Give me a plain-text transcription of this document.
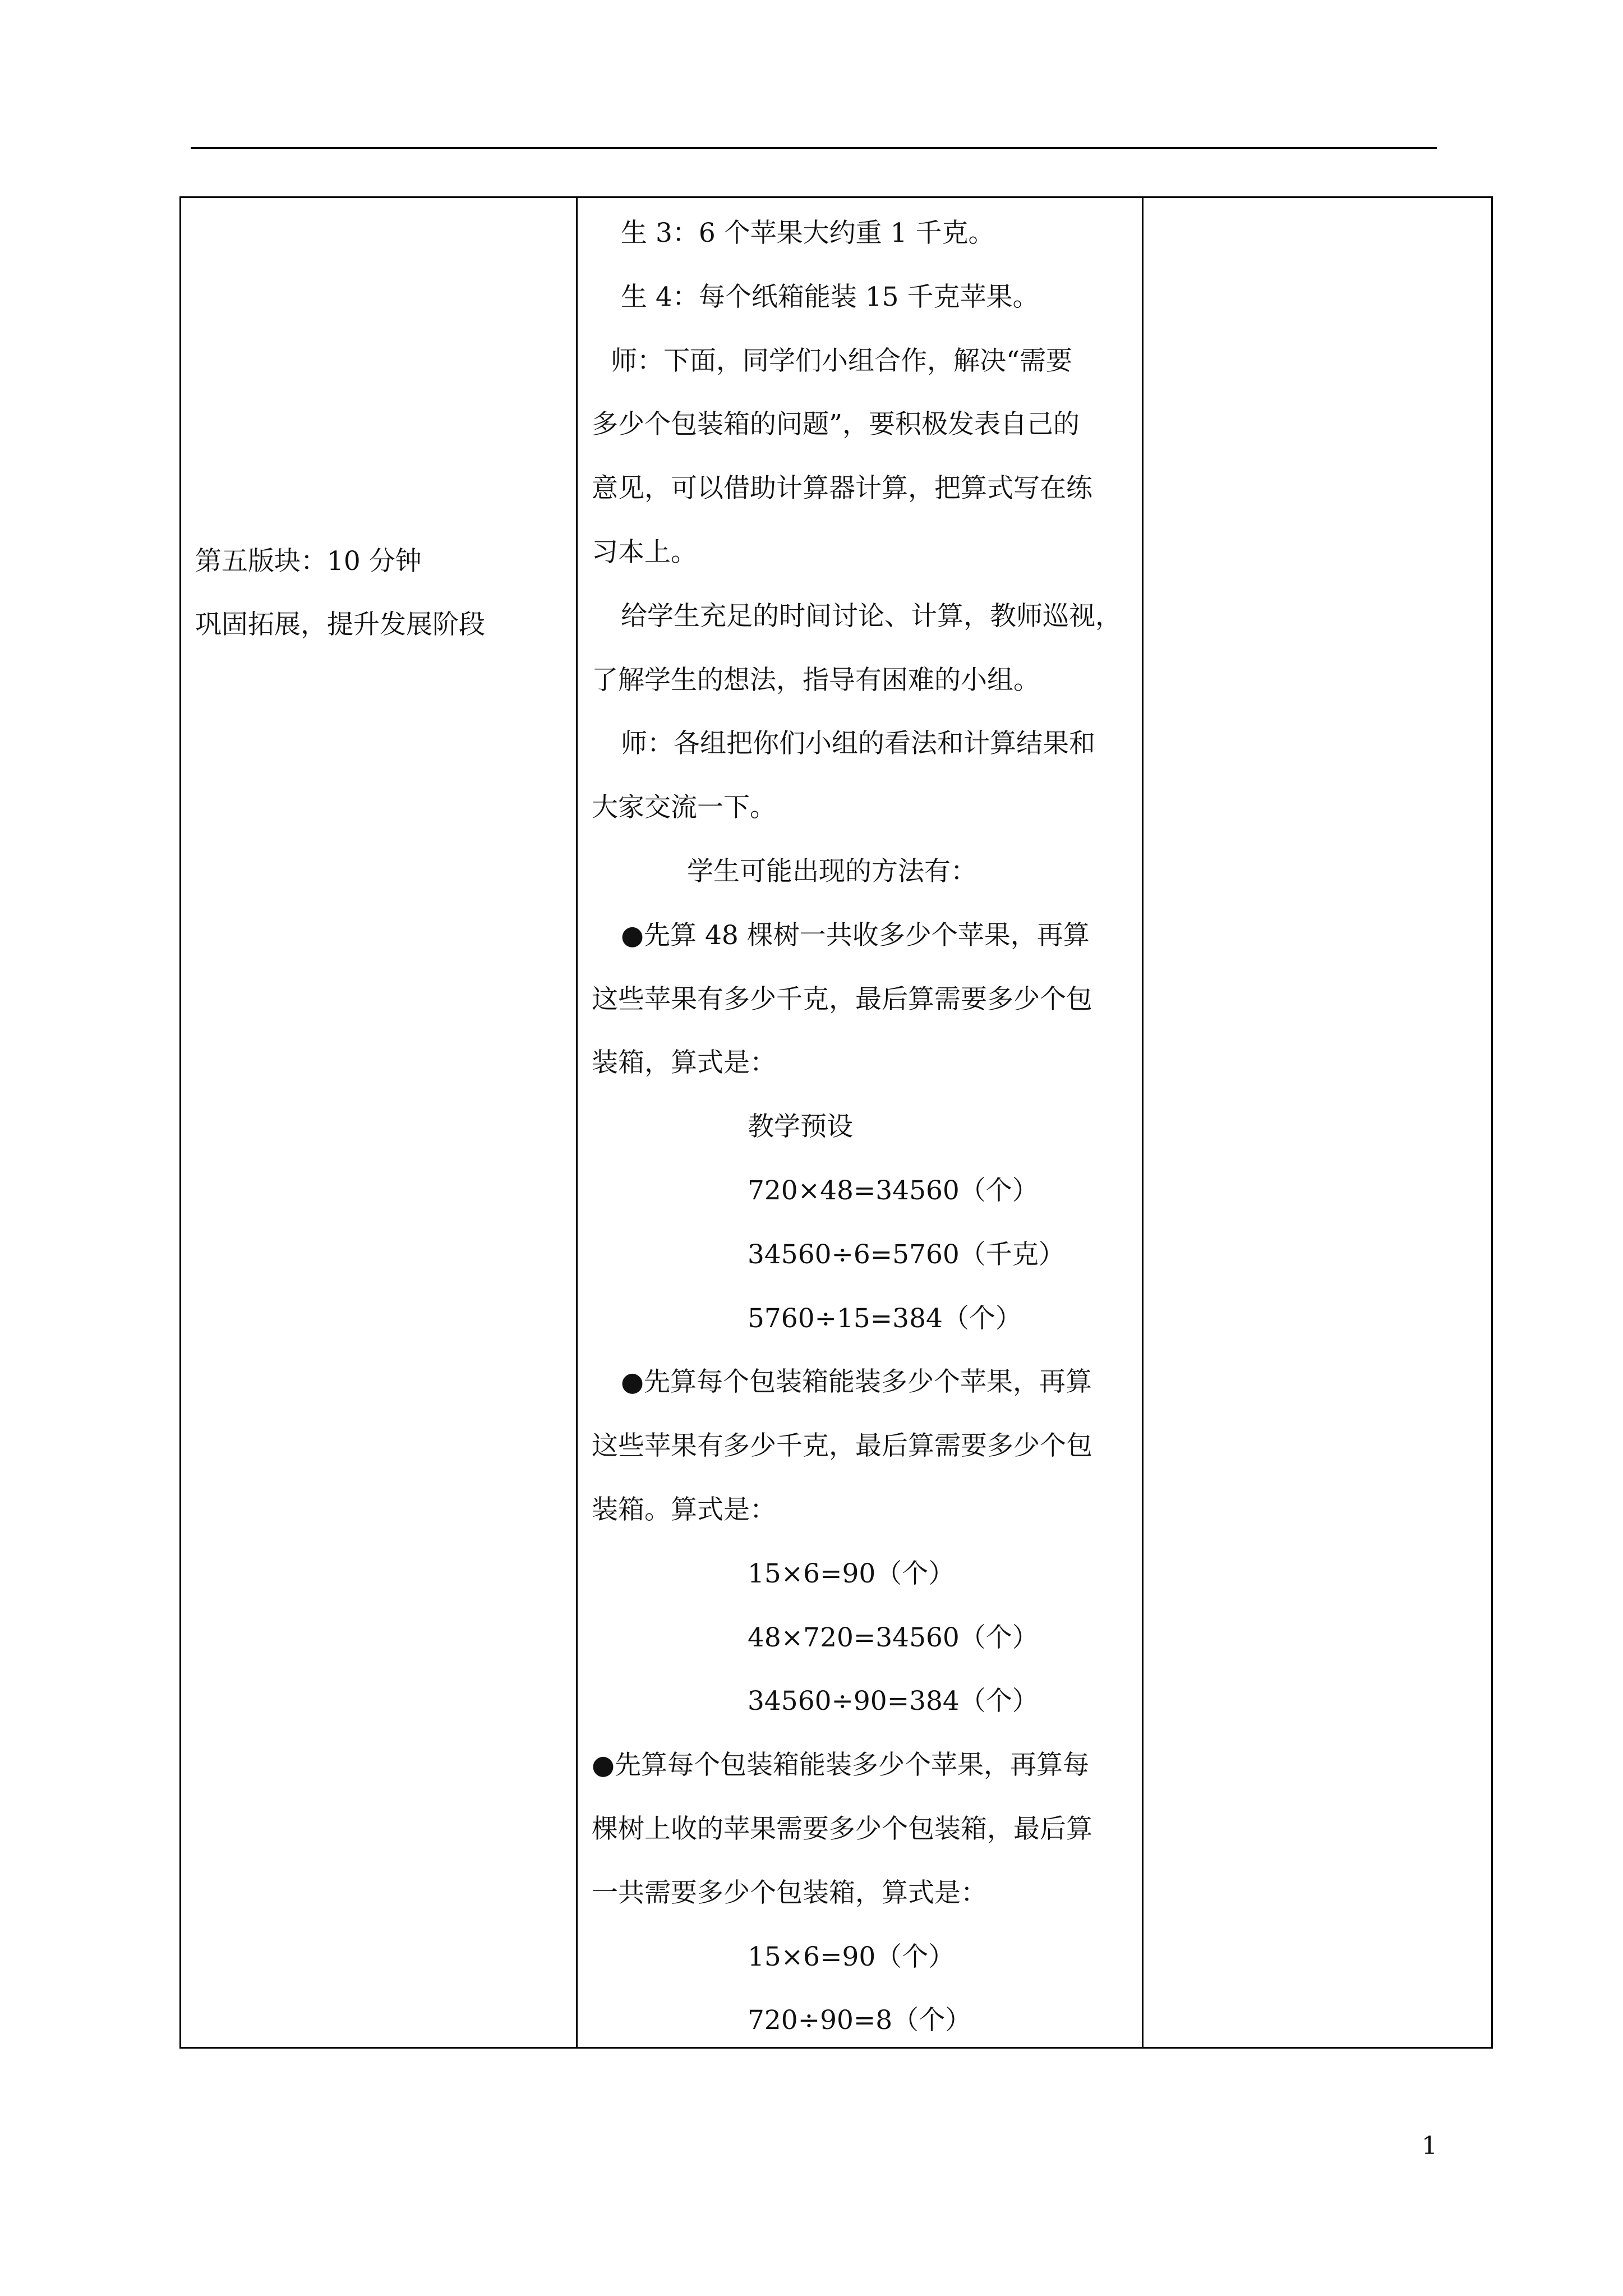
第五版块：10 分钟
巩固拓展，提升发展阶段
生 3：6 个苹果大约重 1 千克。
生 4：每个纸箱能装 15 千克苹果。
师：下面，同学们小组合作，解决“需要
多少个包装箱的问题”，要积极发表自己的
意见，可以借助计算器计算，把算式写在练
习本上。
给学生充足的时间讨论、计算，教师巡视，
了解学生的想法，指导有困难的小组。
师：各组把你们小组的看法和计算结果和
大家交流一下。
学生可能出现的方法有：
●先算 48 棵树一共收多少个苹果，再算
这些苹果有多少千克，最后算需要多少个包
装箱，算式是：
教学预设
720×48=34560（个）
34560÷6=5760（千克）
5760÷15=384（个）
●先算每个包装箱能装多少个苹果，再算
这些苹果有多少千克，最后算需要多少个包
装箱。算式是：
15×6=90（个）
48×720=34560（个）
34560÷90=384（个）
●先算每个包装箱能装多少个苹果，再算每
棵树上收的苹果需要多少个包装箱，最后算
一共需要多少个包装箱，算式是：
15×6=90（个）
720÷90=8（个）
1
